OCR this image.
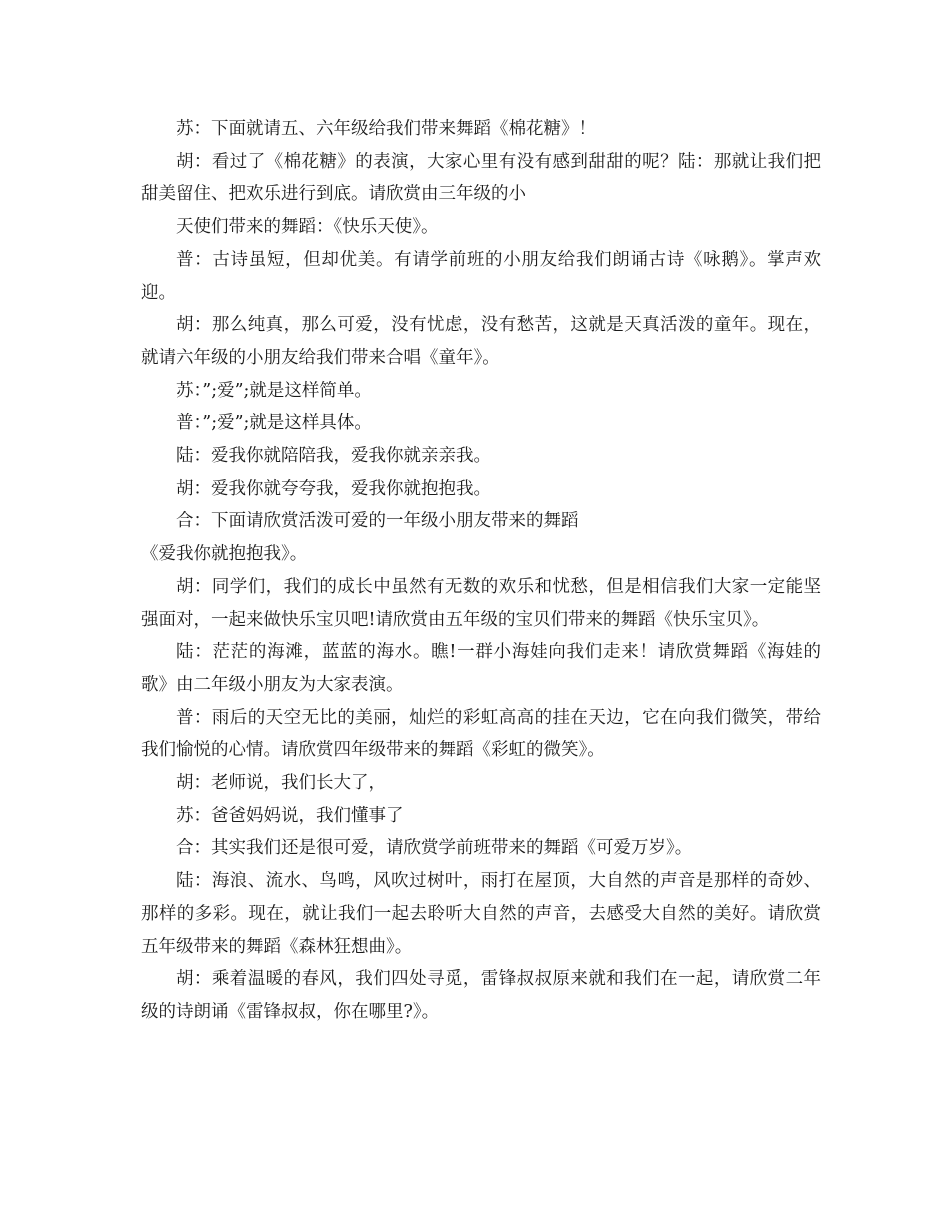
苏：下面就请五、六年级给我们带来舞蹈《棉花糖》！

胡：看过了《棉花糖》的表演，大家心里有没有感到甜甜的呢？陆：那就让我们把甜美留住、把欢乐进行到底。请欣赏由三年级的小

天使们带来的舞蹈：《快乐天使》。

普：古诗虽短，但却优美。有请学前班的小朋友给我们朗诵古诗《咏鹅》。掌声欢迎。

胡：那么纯真，那么可爱，没有忧虑，没有愁苦，这就是天真活泼的童年。现在，就请六年级的小朋友给我们带来合唱《童年》。

苏：”;爱”;就是这样简单。

普：”;爱”;就是这样具体。

陆：爱我你就陪陪我，爱我你就亲亲我。

胡：爱我你就夸夸我，爱我你就抱抱我。

合：下面请欣赏活泼可爱的一年级小朋友带来的舞蹈

《爱我你就抱抱我》。

胡：同学们，我们的成长中虽然有无数的欢乐和忧愁，但是相信我们大家一定能坚强面对，一起来做快乐宝贝吧!请欣赏由五年级的宝贝们带来的舞蹈《快乐宝贝》。

陆：茫茫的海滩，蓝蓝的海水。瞧!一群小海娃向我们走来！请欣赏舞蹈《海娃的歌》由二年级小朋友为大家表演。

普：雨后的天空无比的美丽，灿烂的彩虹高高的挂在天边，它在向我们微笑，带给我们愉悦的心情。请欣赏四年级带来的舞蹈《彩虹的微笑》。

胡：老师说，我们长大了，

苏：爸爸妈妈说，我们懂事了

合：其实我们还是很可爱，请欣赏学前班带来的舞蹈《可爱万岁》。

陆：海浪、流水、鸟鸣，风吹过树叶，雨打在屋顶，大自然的声音是那样的奇妙、那样的多彩。现在，就让我们一起去聆听大自然的声音，去感受大自然的美好。请欣赏五年级带来的舞蹈《森林狂想曲》。

胡：乘着温暖的春风，我们四处寻觅，雷锋叔叔原来就和我们在一起，请欣赏二年级的诗朗诵《雷锋叔叔，你在哪里?》。
